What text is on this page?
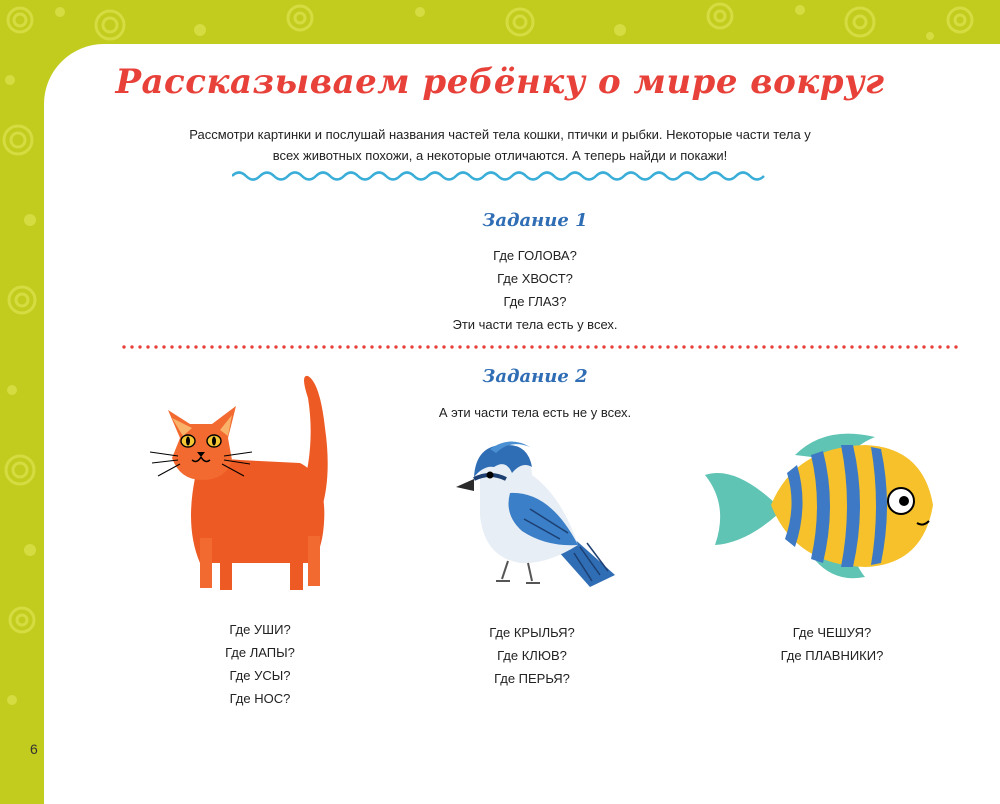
Рассказываем ребёнку о мире вокруг
Рассмотри картинки и послушай названия частей тела кошки, птички и рыбки. Некоторые части тела у
всех животных похожи, а некоторые отличаются. А теперь найди и покажи!
Задание 1
Где ГОЛОВА?
Где ХВОСТ?
Где ГЛАЗ?
Эти части тела есть у всех.
Задание 2
А эти части тела есть не у всех.
Где УШИ?
Где ЛАПЫ?
Где УСЫ?
Где НОС?
Где КРЫЛЬЯ?
Где КЛЮВ?
Где ПЕРЬЯ?
Где ЧЕШУЯ?
Где ПЛАВНИКИ?
6
